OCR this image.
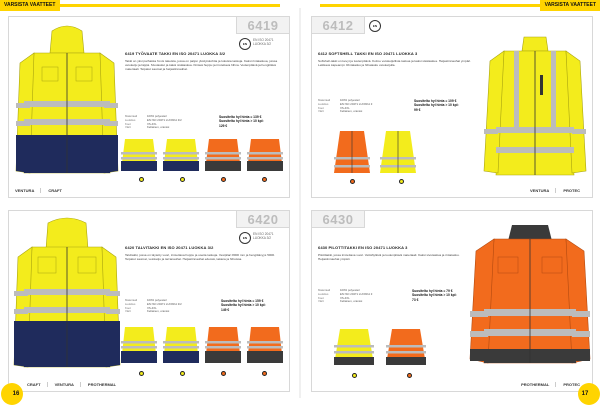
VARSISTA VAATTEET	VARSISTA VAATTEET
6419
EN
EN ISO 20471 LUOKKA 3/2
6419 TYÖVAATE TAKKI EN ISO 20471 LUOKKA 3/2
Takki on yksi parhaista hi-vis takeista, jossa on paljon yksityiskohtia ja lukuisia taskuja. Kaksi rintataskua, joissa vetoketju ja läppä. Sivutaskut ja kaksi sisätaskua. Kiinteä huppu ja irrotettava hihna. Vedenpitävä ja hengittävä materiaali. Teipatut saumat ja heijastinnauhat.
Materiaali	100% polyesteri
Luokitus	EN ISO 20471 LUOKKA 3/2
Koot	XS-4XL
Värit	Keltainen, oranssi
Suositeltu hyl hinta = 139 €
Suositeltu hyl hinta > 10 kpl:
129 €
VENTURA	CRAFT
6412	EN
6412 SOFTSHELL TAKKI EN ISO 20471 LUOKKA 3
Softshell-takki on kevyt ja tuulenpitävä. Kolme vetoketjullista taskua ja kaksi sisätaskua. Heijastinnauhat ympäri. Leikkaus kapeampi. Rintatasku ja hihatasku vetoketjulla.
Materiaali	100% polyesteri
Luokitus	EN ISO 20471 LUOKKA 3
Koot	XS-4XL
Värit	Keltainen, oranssi
Suositeltu hyl hinta = 109 €
Suositeltu hyl hinta > 10 kpl:
99 €
VENTURA	PROTEC
6420
EN
EN ISO 20471 LUOKKA 3/2
6420 TALVITAKKI EN ISO 20471 LUOKKA 3/2
Talvitakki, jossa on täytetty vuori, irrotettava huppu ja useita taskuja. Vesipilari 8000 mm ja hengittävyys 5000. Teipatut saumat, vetoketju ja tarranauhat. Heijastinnauhat edessä, takana ja hihoissa.
Materiaali	100% polyesteri
Luokitus	EN ISO 20471 LUOKKA 3/2
Koot	XS-4XL
Värit	Keltainen, oranssi
Suositeltu hyl hinta = 159 €
Suositeltu hyl hinta > 10 kpl:
149 €
CRAFT	VENTURA	PROTHERMAL
16
6430
6430 PILOTTITAKKI EN ISO 20471 LUOKKA 3
Pilottitakki, jossa irrotettava vuori. Vettähylkivä ja tuulenpitävä materiaali. Kaksi sivutaskua ja rintatasku. Heijastinnauhat ympäri.
Materiaali	100% polyesteri
Luokitus	EN ISO 20471 LUOKKA 3
Koot	XS-4XL
Värit	Keltainen, oranssi
Suositeltu hyl hinta = 79 €
Suositeltu hyl hinta > 10 kpl:
73 €
PROTHERMAL	PROTEC
17
